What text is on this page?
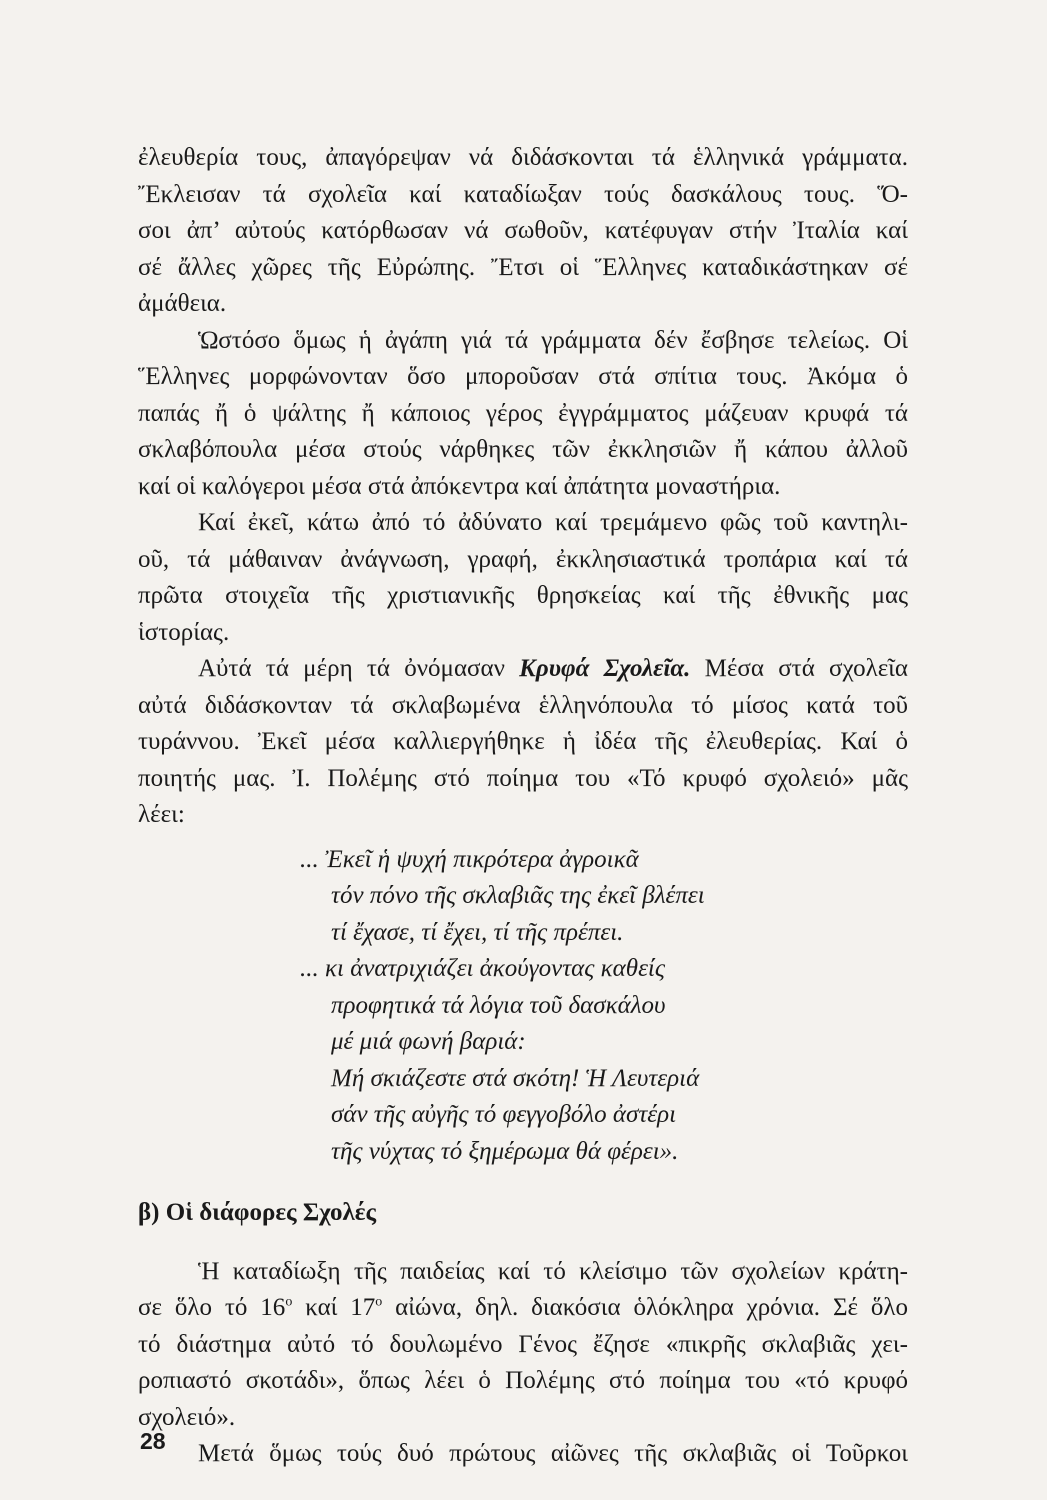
ἐλευθερία τους, ἀπαγόρεψαν νά διδάσκονται τά ἑλληνικά γράμματα.
Ἔκλεισαν τά σχολεῖα καί καταδίωξαν τούς δασκάλους τους. Ὅ-
σοι ἀπ’ αὐτούς κατόρθωσαν νά σωθοῦν, κατέφυγαν στήν Ἰταλία καί
σέ ἄλλες χῶρες τῆς Εὐρώπης. Ἔτσι οἱ Ἕλληνες καταδικάστηκαν σέ
ἀμάθεια.
Ὡστόσο ὅμως ἡ ἀγάπη γιά τά γράμματα δέν ἔσβησε τελείως. Οἱ
Ἕλληνες μορφώνονταν ὅσο μποροῦσαν στά σπίτια τους. Ἀκόμα ὁ
παπάς ἤ ὁ ψάλτης ἤ κάποιος γέρος ἐγγράμματος μάζευαν κρυφά τά
σκλαβόπουλα μέσα στούς νάρθηκες τῶν ἐκκλησιῶν ἤ κάπου ἀλλοῦ
καί οἱ καλόγεροι μέσα στά ἀπόκεντρα καί ἀπάτητα μοναστήρια.
Καί ἐκεῖ, κάτω ἀπό τό ἀδύνατο καί τρεμάμενο φῶς τοῦ καντηλι-
οῦ, τά μάθαιναν ἀνάγνωση, γραφή, ἐκκλησιαστικά τροπάρια καί τά
πρῶτα στοιχεῖα τῆς χριστιανικῆς θρησκείας καί τῆς ἐθνικῆς μας
ἱστορίας.
Αὐτά τά μέρη τά ὀνόμασαν Κρυφά Σχολεῖα. Μέσα στά σχολεῖα
αὐτά διδάσκονταν τά σκλαβωμένα ἑλληνόπουλα τό μίσος κατά τοῦ
τυράννου. Ἐκεῖ μέσα καλλιεργήθηκε ἡ ἰδέα τῆς ἐλευθερίας. Καί ὁ
ποιητής μας. Ἰ. Πολέμης στό ποίημα του «Τό κρυφό σχολειό» μᾶς
λέει:
... Ἐκεῖ ἡ ψυχή πικρότερα ἀγροικᾶ
τόν πόνο τῆς σκλαβιᾶς της ἐκεῖ βλέπει
τί ἔχασε, τί ἔχει, τί τῆς πρέπει.
... κι ἀνατριχιάζει ἀκούγοντας καθείς
προφητικά τά λόγια τοῦ δασκάλου
μέ μιά φωνή βαριά:
Μή σκιάζεστε στά σκότη! Ἡ Λευτεριά
σάν τῆς αὐγῆς τό φεγγοβόλο ἀστέρι
τῆς νύχτας τό ξημέρωμα θά φέρει».
β) Οἱ διάφορες Σχολές
Ἡ καταδίωξη τῆς παιδείας καί τό κλείσιμο τῶν σχολείων κράτη-
σε ὅλο τό $16^o$ καί $17^o$ αἰώνα, δηλ. διακόσια ὁλόκληρα χρόνια. Σέ ὅλο
τό διάστημα αὐτό τό δουλωμένο Γένος ἔζησε «πικρῆς σκλαβιᾶς χει-
ροπιαστό σκοτάδι», ὅπως λέει ὁ Πολέμης στό ποίημα του «τό κρυφό
σχολειό».
Μετά ὅμως τούς δυό πρώτους αἰῶνες τῆς σκλαβιᾶς οἱ Τοῦρκοι
28
